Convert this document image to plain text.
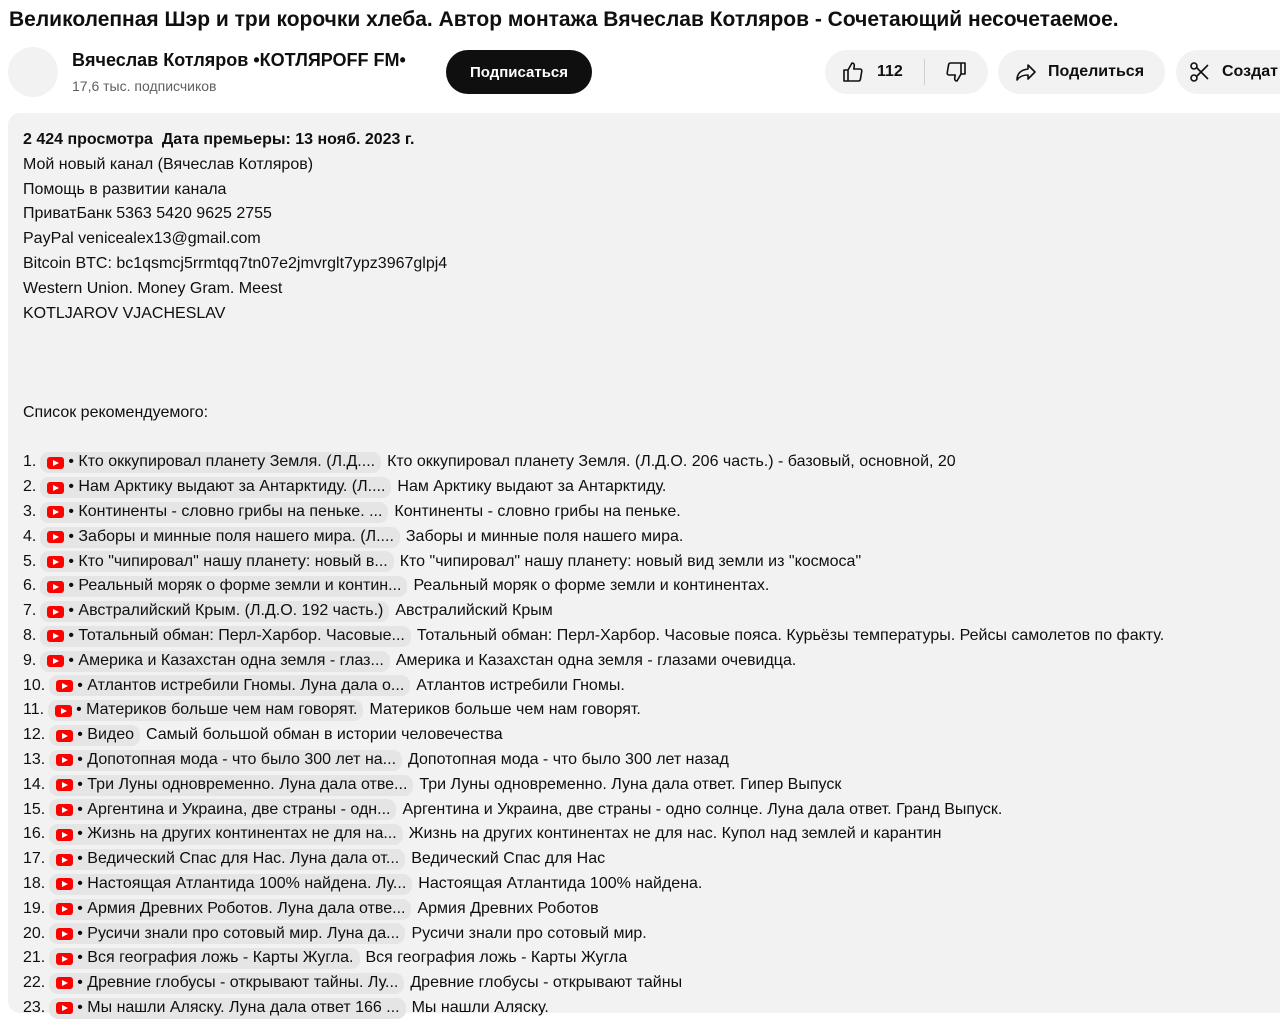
Великолепная Шэр и три корочки хлеба. Автор монтажа Вячеслав Котляров - Сочетающий несочетаемое.
Вячеслав Котляров •КОТЛЯРОFF FM•
17,6 тыс. подписчиков
Подписаться	112	Поделиться	Создат
2 424 просмотра Дата премьеры: 13 нояб. 2023 г.
Мой новый канал (Вячеслав Котляров)
Помощь в развитии канала
ПриватБанк 5363 5420 9625 2755
PayPal venicealex13@gmail.com
Bitcoin BTC: bc1qsmcj5rrmtqq7tn07e2jmvrglt7ypz3967glpj4
Western Union. Money Gram. Meest
KOTLJAROV VJACHESLAV
Список рекомендуемого:
1. • Кто оккупировал планету Земля. (Л.Д.... Кто оккупировал планету Земля. (Л.Д.О. 206 часть.) - базовый, основной, 20
2. • Нам Арктику выдают за Антарктиду. (Л.... Нам Арктику выдают за Антарктиду.
3. • Континенты - словно грибы на пеньке. ... Континенты - словно грибы на пеньке.
4. • Заборы и минные поля нашего мира. (Л.... Заборы и минные поля нашего мира.
5. • Кто "чипировал" нашу планету: новый в... Кто "чипировал" нашу планету: новый вид земли из "космоса"
6. • Реальный моряк о форме земли и контин... Реальный моряк о форме земли и континентах.
7. • Австралийский Крым. (Л.Д.О. 192 часть.) Австралийский Крым
8. • Тотальный обман: Перл-Харбор. Часовые... Тотальный обман: Перл-Харбор. Часовые пояса. Курьёзы температуры. Рейсы самолетов по факту.
9. • Америка и Казахстан одна земля - глаз... Америка и Казахстан одна земля - глазами очевидца.
10. • Атлантов истребили Гномы. Луна дала о... Атлантов истребили Гномы.
11. • Материков больше чем нам говорят. Материков больше чем нам говорят.
12. • Видео Самый большой обман в истории человечества
13. • Допотопная мода - что было 300 лет на... Допотопная мода - что было 300 лет назад
14. • Три Луны одновременно. Луна дала отве... Три Луны одновременно. Луна дала ответ. Гипер Выпуск
15. • Аргентина и Украина, две страны - одн... Аргентина и Украина, две страны - одно солнце. Луна дала ответ. Гранд Выпуск.
16. • Жизнь на других континентах не для на... Жизнь на других континентах не для нас. Купол над землей и карантин
17. • Ведический Спас для Нас. Луна дала от... Ведический Спас для Нас
18. • Настоящая Атлантида 100% найдена. Лу... Настоящая Атлантида 100% найдена.
19. • Армия Древних Роботов. Луна дала отве... Армия Древних Роботов
20. • Русичи знали про сотовый мир. Луна да... Русичи знали про сотовый мир.
21. • Вся география ложь - Карты Жугла. Вся география ложь - Карты Жугла
22. • Древние глобусы - открывают тайны. Лу... Древние глобусы - открывают тайны
23. • Мы нашли Аляску. Луна дала ответ 166 ... Мы нашли Аляску.
